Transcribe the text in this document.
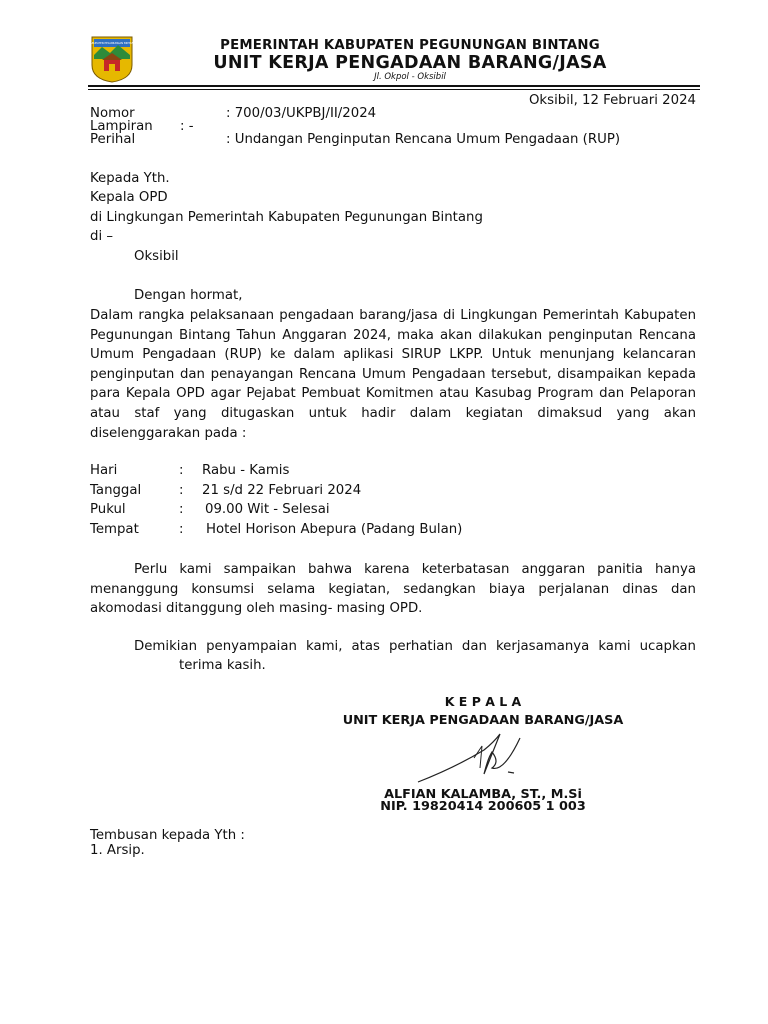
KABUPATEN PEGUNUNGAN BINTANG	PEMERINTAH KABUPATEN PEGUNUNGAN BINTANG
UNIT KERJA PENGADAAN BARANG/JASA
Jl. Okpol - Oksibil
Oksibil, 12 Februari 2024
Nomor	: 700/03/UKPBJ/II/2024
Lampiran : -
Perihal	: Undangan Penginputan Rencana Umum Pengadaan (RUP)
Kepada Yth.
Kepala OPD
di Lingkungan Pemerintah Kabupaten Pegunungan Bintang
di –
Oksibil
Dengan hormat,
Dalam rangka pelaksanaan pengadaan barang/jasa di Lingkungan Pemerintah Kabupaten Pegunungan Bintang Tahun Anggaran 2024, maka akan dilakukan penginputan Rencana Umum Pengadaan (RUP) ke dalam aplikasi SIRUP LKPP. Untuk menunjang kelancaran penginputan dan penayangan Rencana Umum Pengadaan tersebut, disampaikan kepada para Kepala OPD agar Pejabat Pembuat Komitmen atau Kasubag Program dan Pelaporan atau staf yang ditugaskan untuk hadir dalam kegiatan dimaksud yang akan diselenggarakan pada :
Hari	: Rabu - Kamis
Tanggal	: 21 s/d 22 Februari 2024
Pukul	: 09.00 Wit - Selesai
Tempat	: Hotel Horison Abepura (Padang Bulan)
Perlu kami sampaikan bahwa karena keterbatasan anggaran panitia hanya menanggung konsumsi selama kegiatan, sedangkan biaya perjalanan dinas dan akomodasi ditanggung oleh masing- masing OPD.
Demikian penyampaian kami, atas perhatian dan kerjasamanya kami ucapkan
terima kasih.
K E P A L A
UNIT KERJA PENGADAAN BARANG/JASA
ALFIAN KALAMBA, ST., M.Si
NIP. 19820414 200605 1 003
Tembusan kepada Yth :
1. Arsip.
